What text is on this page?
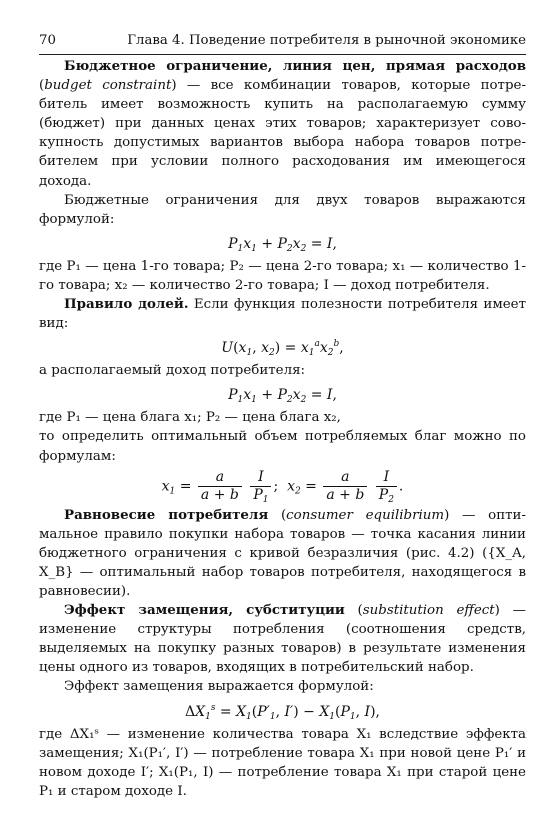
70	Глава 4. Поведение потребителя в рыночной экономике

Бюджетное ограничение, линия цен, прямая расходов (budget constraint) — все комбинации товаров, которые потребитель имеет возможность купить на располагаемую сумму (бюджет) при данных ценах этих товаров; характеризует совокупность допустимых вариантов выбора набора товаров потребителем при условии полного расходования им имеющегося дохода.

Бюджетные ограничения для двух товаров выражаются формулой:

$P_1x_1 + P_2x_2 = I$,

где P₁ — цена 1-го товара; P₂ — цена 2-го товара; x₁ — количество 1-го товара; x₂ — количество 2-го товара; I — доход потребителя.

Правило долей. Если функция полезности потребителя имеет вид:

$U(x_1$, $x_2) = x_1^ax_2^b$,

а располагаемый доход потребителя:

$P_1x_1 + P_2x_2 = I$,

где P₁ — цена блага x₁; P₂ — цена блага x₂,

то определить оптимальный объем потребляемых благ можно по формулам:

$x_1 = \frac{a}{a + b}$
$\frac{I}{P_1}$ ;  $x_2 = \frac{a}{a + b}$
$\frac{I}{P_2}$ .

Равновесие потребителя (consumer equilibrium) — оптимальное правило покупки набора товаров — точка касания линии бюджетного ограничения с кривой безразличия (рис. 4.2) ({X_A, X_B} — оптимальный набор товаров потребителя, находящегося в равновесии).

Эффект замещения, субституции (substitution effect) — изменение структуры потребления (соотношения средств, выделяемых на покупку разных товаров) в результате изменения цены одного из товаров, входящих в потребительский набор.

Эффект замещения выражается формулой:

$\Delta X_1^s = X_1(P'_1$, $I') - X_1(P_1$, I),

где ΔX₁ˢ — изменение количества товара X₁ вследствие эффекта замещения; X₁(P₁′, I′) — потребление товара X₁ при новой цене P₁′ и новом доходе I′; X₁(P₁, I) — потребление товара X₁ при старой цене P₁ и старом доходе I.
